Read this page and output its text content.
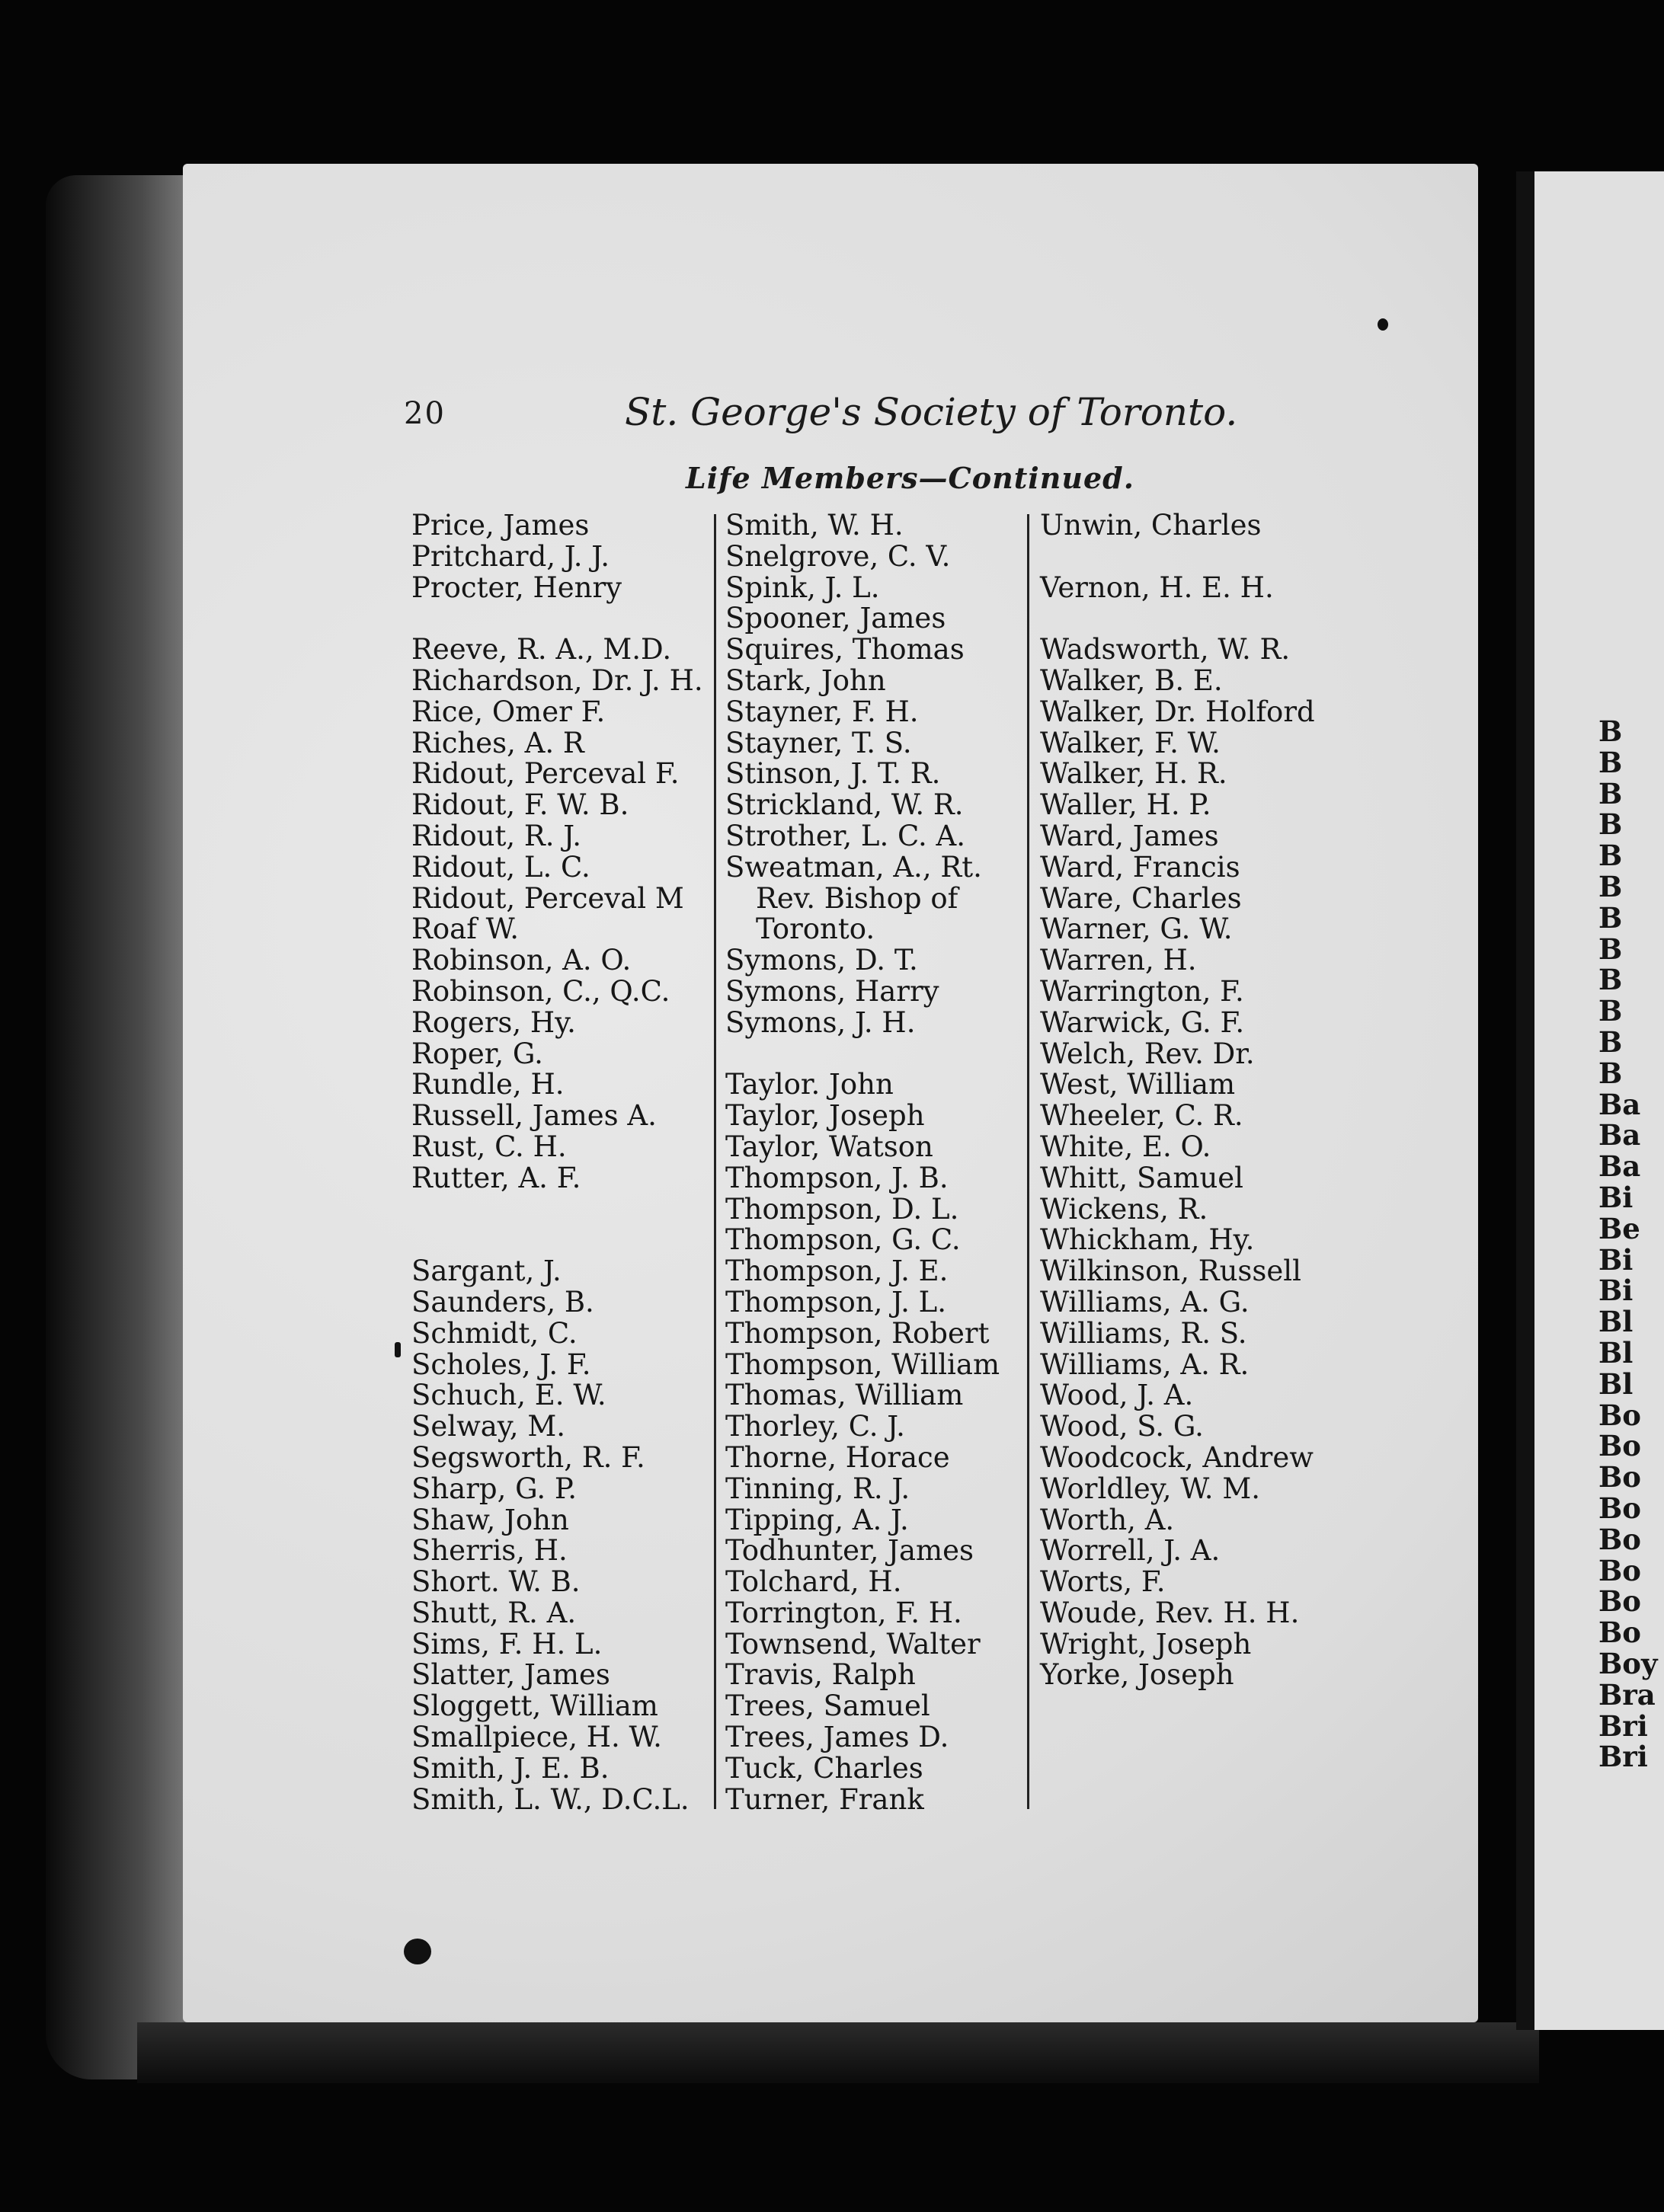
20	St. George's Society of Toronto.
Life Members—Continued.
Price, James
Pritchard, J. J.
Procter, Henry
Reeve, R. A., M.D.
Richardson, Dr. J. H.
Rice, Omer F.
Riches, A. R
Ridout, Perceval F.
Ridout, F. W. B.
Ridout, R. J.
Ridout, L. C.
Ridout, Perceval M
Roaf W.
Robinson, A. O.
Robinson, C., Q.C.
Rogers, Hy.
Roper, G.
Rundle, H.
Russell, James A.
Rust, C. H.
Rutter, A. F.
Sargant, J.
Saunders, B.
Schmidt, C.
Scholes, J. F.
Schuch, E. W.
Selway, M.
Segsworth, R. F.
Sharp, G. P.
Shaw, John
Sherris, H.
Short. W. B.
Shutt, R. A.
Sims, F. H. L.
Slatter, James
Sloggett, William
Smallpiece, H. W.
Smith, J. E. B.
Smith, L. W., D.C.L.
Smith, W. H.
Snelgrove, C. V.
Spink, J. L.
Spooner, James
Squires, Thomas
Stark, John
Stayner, F. H.
Stayner, T. S.
Stinson, J. T. R.
Strickland, W. R.
Strother, L. C. A.
Sweatman, A., Rt.
Rev. Bishop of
Toronto.
Symons, D. T.
Symons, Harry
Symons, J. H.
Taylor. John
Taylor, Joseph
Taylor, Watson
Thompson, J. B.
Thompson, D. L.
Thompson, G. C.
Thompson, J. E.
Thompson, J. L.
Thompson, Robert
Thompson, William
Thomas, William
Thorley, C. J.
Thorne, Horace
Tinning, R. J.
Tipping, A. J.
Todhunter, James
Tolchard, H.
Torrington, F. H.
Townsend, Walter
Travis, Ralph
Trees, Samuel
Trees, James D.
Tuck, Charles
Turner, Frank
Unwin, Charles
Vernon, H. E. H.
Wadsworth, W. R.
Walker, B. E.
Walker, Dr. Holford
Walker, F. W.
Walker, H. R.
Waller, H. P.
Ward, James
Ward, Francis
Ware, Charles
Warner, G. W.
Warren, H.
Warrington, F.
Warwick, G. F.
Welch, Rev. Dr.
West, William
Wheeler, C. R.
White, E. O.
Whitt, Samuel
Wickens, R.
Whickham, Hy.
Wilkinson, Russell
Williams, A. G.
Williams, R. S.
Williams, A. R.
Wood, J. A.
Wood, S. G.
Woodcock, Andrew
Worldley, W. M.
Worth, A.
Worrell, J. A.
Worts, F.
Woude, Rev. H. H.
Wright, Joseph
Yorke, Joseph
B
B
B
B
B
B
B
B
B
B
B
B
Ba
Ba
Ba
Bi
Be
Bi
Bi
Bl
Bl
Bl
Bo
Bo
Bo
Bo
Bo
Bo
Bo
Bo
Boy
Bra
Bri
Bri
